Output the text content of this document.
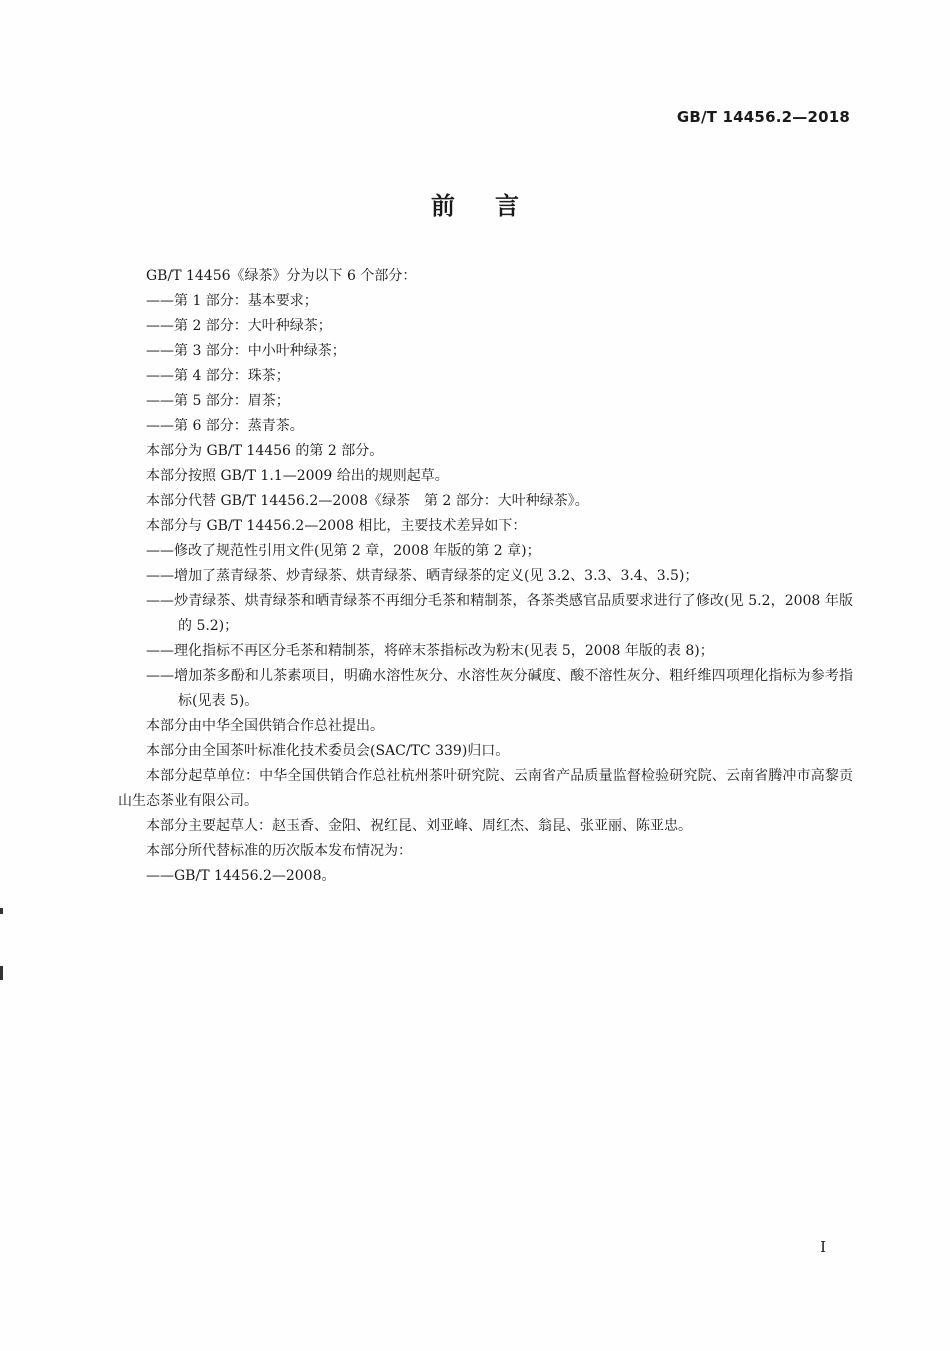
GB/T 14456.2—2018
前言

GB/T 14456《绿茶》分为以下 6 个部分：

——第 1 部分：基本要求；

——第 2 部分：大叶种绿茶；

——第 3 部分：中小叶种绿茶；

——第 4 部分：珠茶；

——第 5 部分：眉茶；

——第 6 部分：蒸青茶。

本部分为 GB/T 14456 的第 2 部分。

本部分按照 GB/T 1.1—2009 给出的规则起草。

本部分代替 GB/T 14456.2—2008《绿茶　第 2 部分：大叶种绿茶》。

本部分与 GB/T 14456.2—2008 相比，主要技术差异如下：

——修改了规范性引用文件(见第 2 章，2008 年版的第 2 章)；

——增加了蒸青绿茶、炒青绿茶、烘青绿茶、晒青绿茶的定义(见 3.2、3.3、3.4、3.5)；

——炒青绿茶、烘青绿茶和晒青绿茶不再细分毛茶和精制茶，各茶类感官品质要求进行了修改(见 5.2，2008 年版的 5.2)；

——理化指标不再区分毛茶和精制茶，将碎末茶指标改为粉末(见表 5，2008 年版的表 8)；

——增加茶多酚和儿茶素项目，明确水溶性灰分、水溶性灰分碱度、酸不溶性灰分、粗纤维四项理化指标为参考指标(见表 5)。

本部分由中华全国供销合作总社提出。

本部分由全国茶叶标准化技术委员会(SAC/TC 339)归口。

本部分起草单位：中华全国供销合作总社杭州茶叶研究院、云南省产品质量监督检验研究院、云南省腾冲市高黎贡山生态茶业有限公司。

本部分主要起草人：赵玉香、金阳、祝红昆、刘亚峰、周红杰、翁昆、张亚丽、陈亚忠。

本部分所代替标准的历次版本发布情况为：

——GB/T 14456.2—2008。

I
